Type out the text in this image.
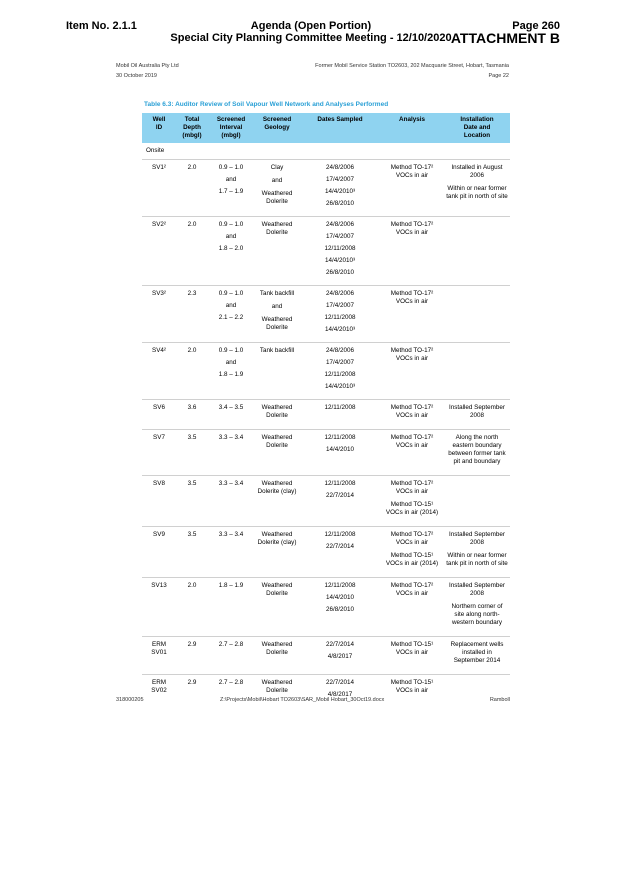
Item No. 2.1.1	Agenda (Open Portion)
Special City Planning Committee Meeting - 12/10/2020
Page 260
ATTACHMENT B
Mobil Oil Australia Pty Ltd
30 October 2019
Former Mobil Service Station TO2603, 202 Macquarie Street, Hobart, Tasmania
Page 22
Table 6.3: Auditor Review of Soil Vapour Well Network and Analyses Performed
Well
ID	Total
Depth
(mbgl)	Screened
Interval
(mbgl)	Screened
Geology	Dates Sampled	Analysis	Installation
Date and
Location

Onsite						

SV1²	2.0	0.9 – 1.0
and
1.7 – 1.9	Clay
and
Weathered Dolerite	24/8/2006
17/4/2007
14/4/2010³
26/8/2010	Method TO-17² VOCs in air	Installed in August 2006
Within or near former tank pit in north of site

SV2²	2.0	0.9 – 1.0
and
1.8 – 2.0	Weathered Dolerite	24/8/2006
17/4/2007
12/11/2008
14/4/2010³
26/8/2010	Method TO-17² VOCs in air	

SV3²	2.3	0.9 – 1.0
and
2.1 – 2.2	Tank backfill
and
Weathered Dolerite	24/8/2006
17/4/2007
12/11/2008
14/4/2010³	Method TO-17² VOCs in air	

SV4²	2.0	0.9 – 1.0
and
1.8 – 1.9	Tank backfill	24/8/2006
17/4/2007
12/11/2008
14/4/2010³	Method TO-17² VOCs in air	

SV6	3.6	3.4 – 3.5	Weathered Dolerite	12/11/2008	Method TO-17² VOCs in air	Installed September 2008

SV7	3.5	3.3 – 3.4	Weathered Dolerite	12/11/2008
14/4/2010	Method TO-17² VOCs in air	Along the north eastern boundary between former tank pit and boundary

SV8	3.5	3.3 – 3.4	Weathered Dolerite (clay)	12/11/2008
22/7/2014	Method TO-17² VOCs in air
Method TO-15¹ VOCs in air (2014)	

SV9	3.5	3.3 – 3.4	Weathered Dolerite (clay)	12/11/2008
22/7/2014	Method TO-17² VOCs in air
Method TO-15¹ VOCs in air (2014)	Installed September 2008
Within or near former tank pit in north of site

SV13	2.0	1.8 – 1.9	Weathered Dolerite	12/11/2008
14/4/2010
26/8/2010	Method TO-17² VOCs in air	Installed September 2008
Northern corner of site along north-western boundary

ERM
SV01	2.9	2.7 – 2.8	Weathered Dolerite	22/7/2014
4/8/2017	Method TO-15¹ VOCs in air	Replacement wells installed in September 2014

ERM
SV02	2.9	2.7 – 2.8	Weathered Dolerite	22/7/2014
4/8/2017	Method TO-15¹ VOCs in air	

318000205	Z:\Projects\Mobil\Hobart TO2603\SAR_Mobil Hobart_30Oct19.docx	Ramboll
